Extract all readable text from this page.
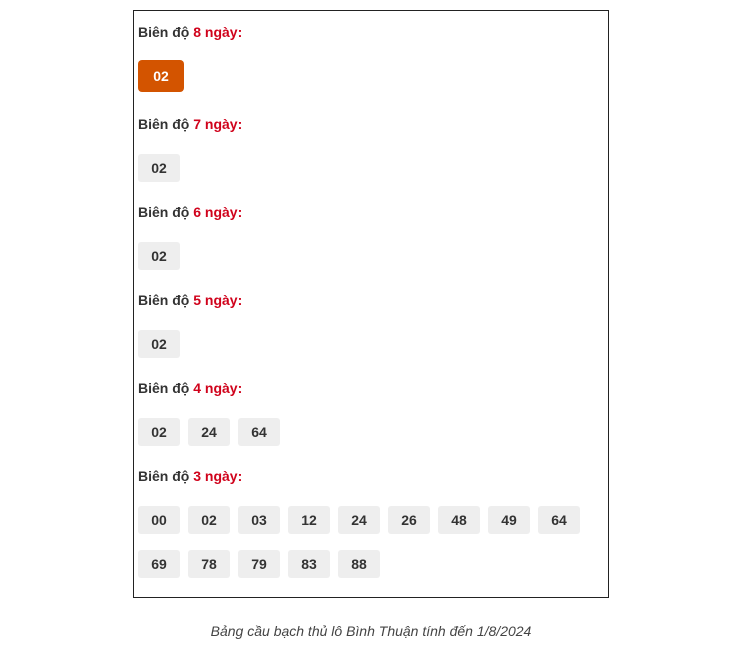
Biên độ 8 ngày:
02
Biên độ 7 ngày:
02
Biên độ 6 ngày:
02
Biên độ 5 ngày:
02
Biên độ 4 ngày:
02	24	64
Biên độ 3 ngày:
00	02	03	12	24	26	48	49	64
69	78	79	83	88
Bảng cầu bạch thủ lô Bình Thuận tính đến 1/8/2024
